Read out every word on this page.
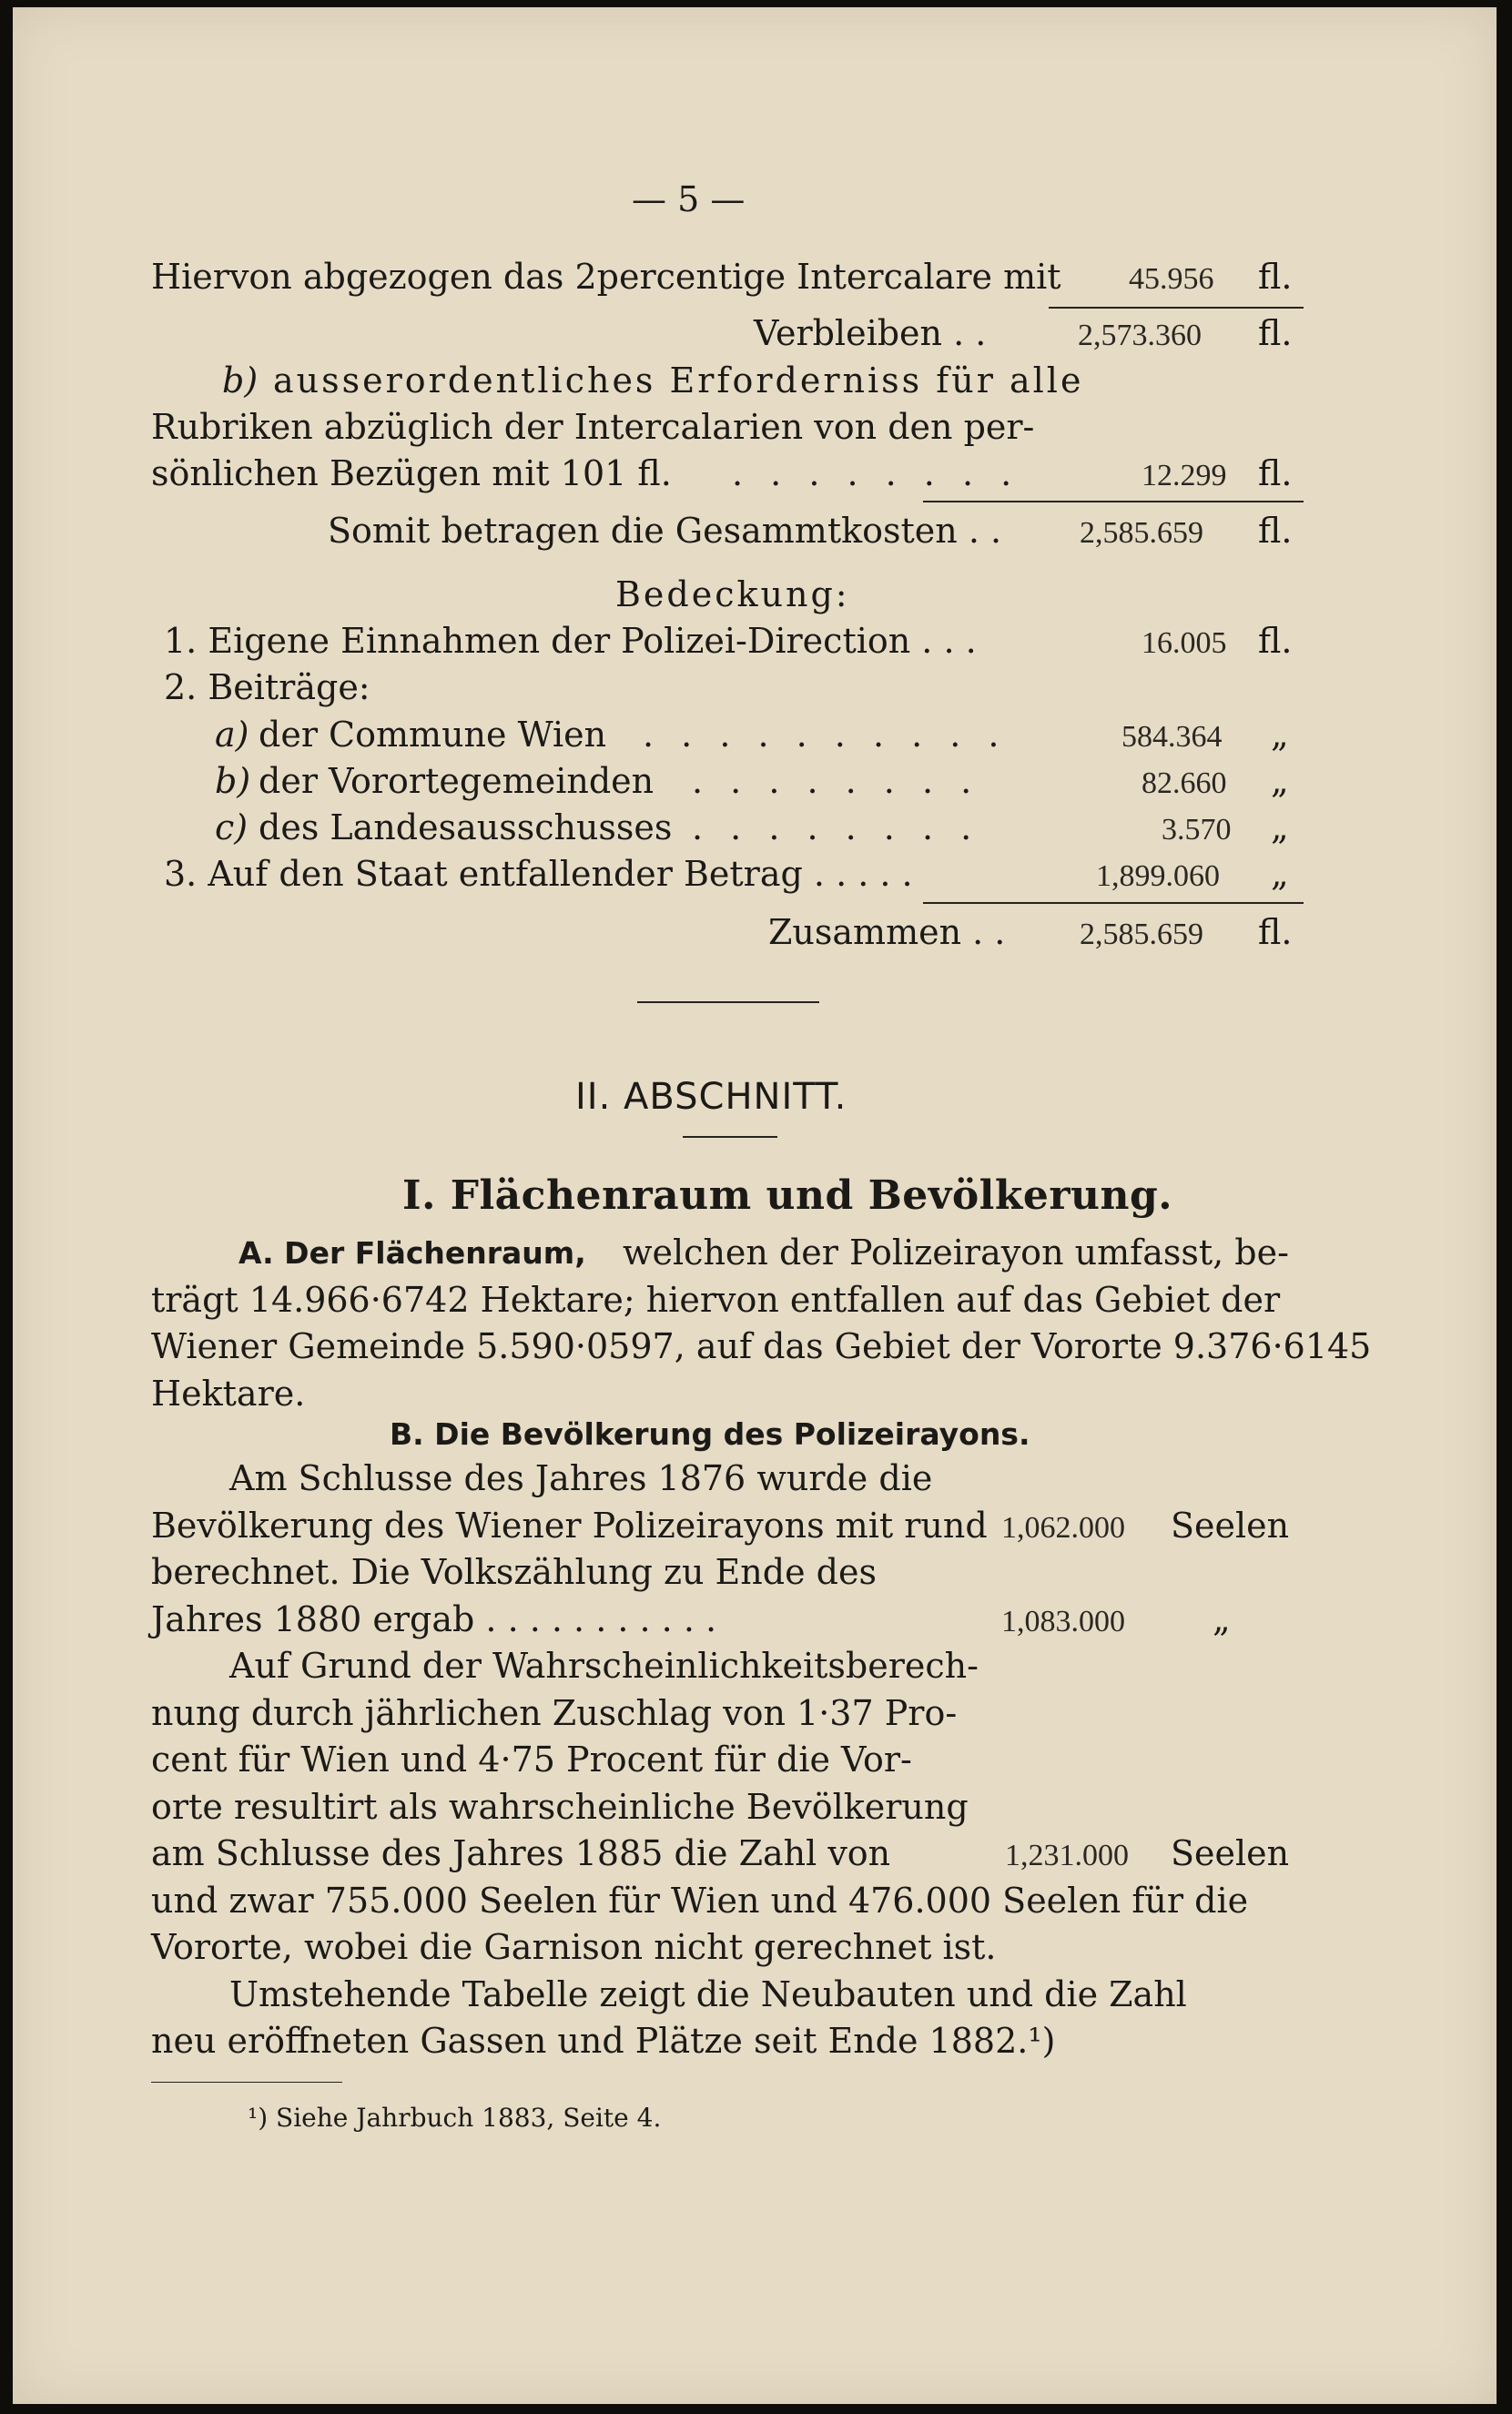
— 5 —
Hiervon abgezogen das 2percentige Intercalare mit 45.956 fl.
Verbleiben . .	2,573.360 fl.
b) ausserordentliches Erforderniss für alle
Rubriken abzüglich der Intercalarien von den per-
sönlichen Bezügen mit 101 fl. . . . . . . . .	12.299 fl.
Somit betragen die Gesammtkosten . .	2,585.659 fl.
Bedeckung:
1. Eigene Einnahmen der Polizei-Direction . . .	16.005 fl.
2. Beiträge:
a) der Commune Wien . . . . . . . . . .	584.364 „
b) der Vorortegemeinden . . . . . . . .	82.660 „
c) des Landesausschusses . . . . . . . .	3.570 „
3. Auf den Staat entfallender Betrag . . . . .	1,899.060 „
Zusammen . . 2,585.659 fl.
II. ABSCHNITT.
I. Flächenraum und Bevölkerung.
A. Der Flächenraum, welchen der Polizeirayon umfasst, be-
trägt 14.966·6742 Hektare; hiervon entfallen auf das Gebiet der
Wiener Gemeinde 5.590·0597, auf das Gebiet der Vororte 9.376·6145
Hektare.
B. Die Bevölkerung des Polizeirayons.
Am Schlusse des Jahres 1876 wurde die
Bevölkerung des Wiener Polizeirayons mit rund 1,062.000 Seelen
berechnet. Die Volkszählung zu Ende des
Jahres 1880 ergab . . . . . . . . . . .	1,083.000	„
Auf Grund der Wahrscheinlichkeitsberech-
nung durch jährlichen Zuschlag von 1·37 Pro-
cent für Wien und 4·75 Procent für die Vor-
orte resultirt als wahrscheinliche Bevölkerung
am Schlusse des Jahres 1885 die Zahl von	1,231.000 Seelen
und zwar 755.000 Seelen für Wien und 476.000 Seelen für die
Vororte, wobei die Garnison nicht gerechnet ist.
Umstehende Tabelle zeigt die Neubauten und die Zahl
neu eröffneten Gassen und Plätze seit Ende 1882.¹)
¹) Siehe Jahrbuch 1883, Seite 4.
